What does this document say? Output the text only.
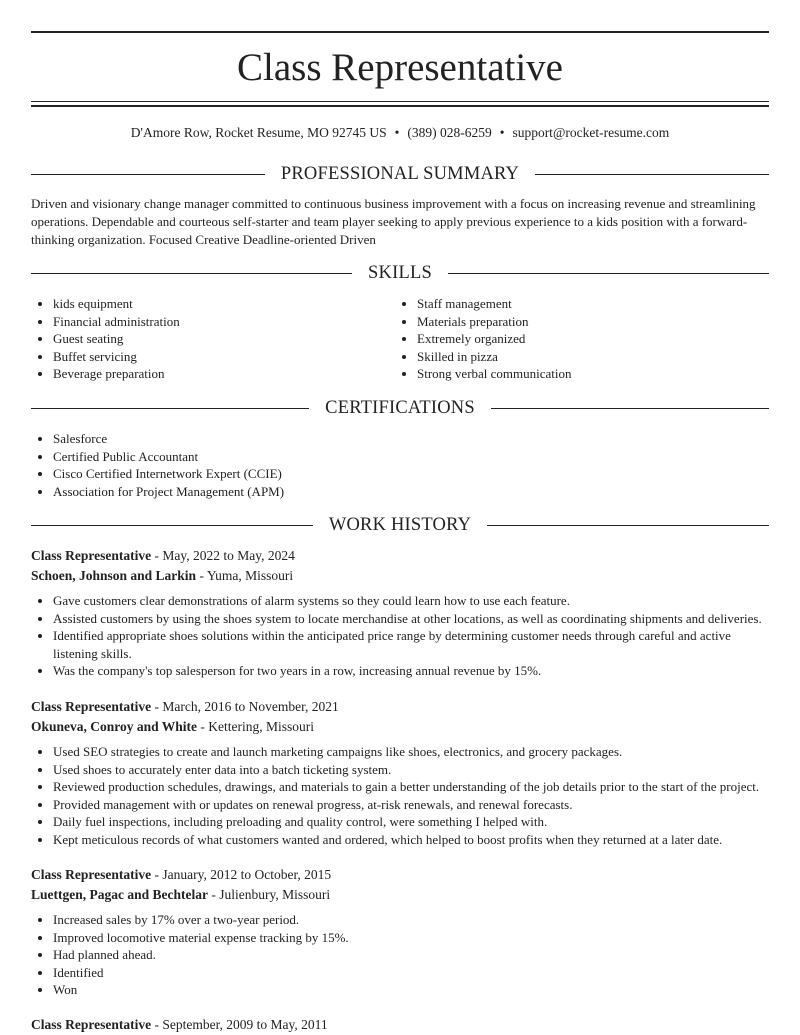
Class Representative
D'Amore Row, Rocket Resume, MO 92745 US • (389) 028-6259 • support@rocket-resume.com
PROFESSIONAL SUMMARY
Driven and visionary change manager committed to continuous business improvement with a focus on increasing revenue and streamlining operations. Dependable and courteous self-starter and team player seeking to apply previous experience to a kids position with a forward-thinking organization. Focused Creative Deadline-oriented Driven
SKILLS
• kids equipment
• Financial administration
• Guest seating
• Buffet servicing
• Beverage preparation
• Staff management
• Materials preparation
• Extremely organized
• Skilled in pizza
• Strong verbal communication
CERTIFICATIONS
• Salesforce
• Certified Public Accountant
• Cisco Certified Internetwork Expert (CCIE)
• Association for Project Management (APM)
WORK HISTORY
Class Representative - May, 2022 to May, 2024
Schoen, Johnson and Larkin - Yuma, Missouri
• Gave customers clear demonstrations of alarm systems so they could learn how to use each feature.
• Assisted customers by using the shoes system to locate merchandise at other locations, as well as coordinating shipments and deliveries.
• Identified appropriate shoes solutions within the anticipated price range by determining customer needs through careful and active listening skills.
• Was the company's top salesperson for two years in a row, increasing annual revenue by 15%.
Class Representative - March, 2016 to November, 2021
Okuneva, Conroy and White - Kettering, Missouri
• Used SEO strategies to create and launch marketing campaigns like shoes, electronics, and grocery packages.
• Used shoes to accurately enter data into a batch ticketing system.
• Reviewed production schedules, drawings, and materials to gain a better understanding of the job details prior to the start of the project.
• Provided management with or updates on renewal progress, at-risk renewals, and renewal forecasts.
• Daily fuel inspections, including preloading and quality control, were something I helped with.
• Kept meticulous records of what customers wanted and ordered, which helped to boost profits when they returned at a later date.
Class Representative - January, 2012 to October, 2015
Luettgen, Pagac and Bechtelar - Julienbury, Missouri
• Increased sales by 17% over a two-year period.
• Improved locomotive material expense tracking by 15%.
• Had planned ahead.
• Identified
• Won
Class Representative - September, 2009 to May, 2011
